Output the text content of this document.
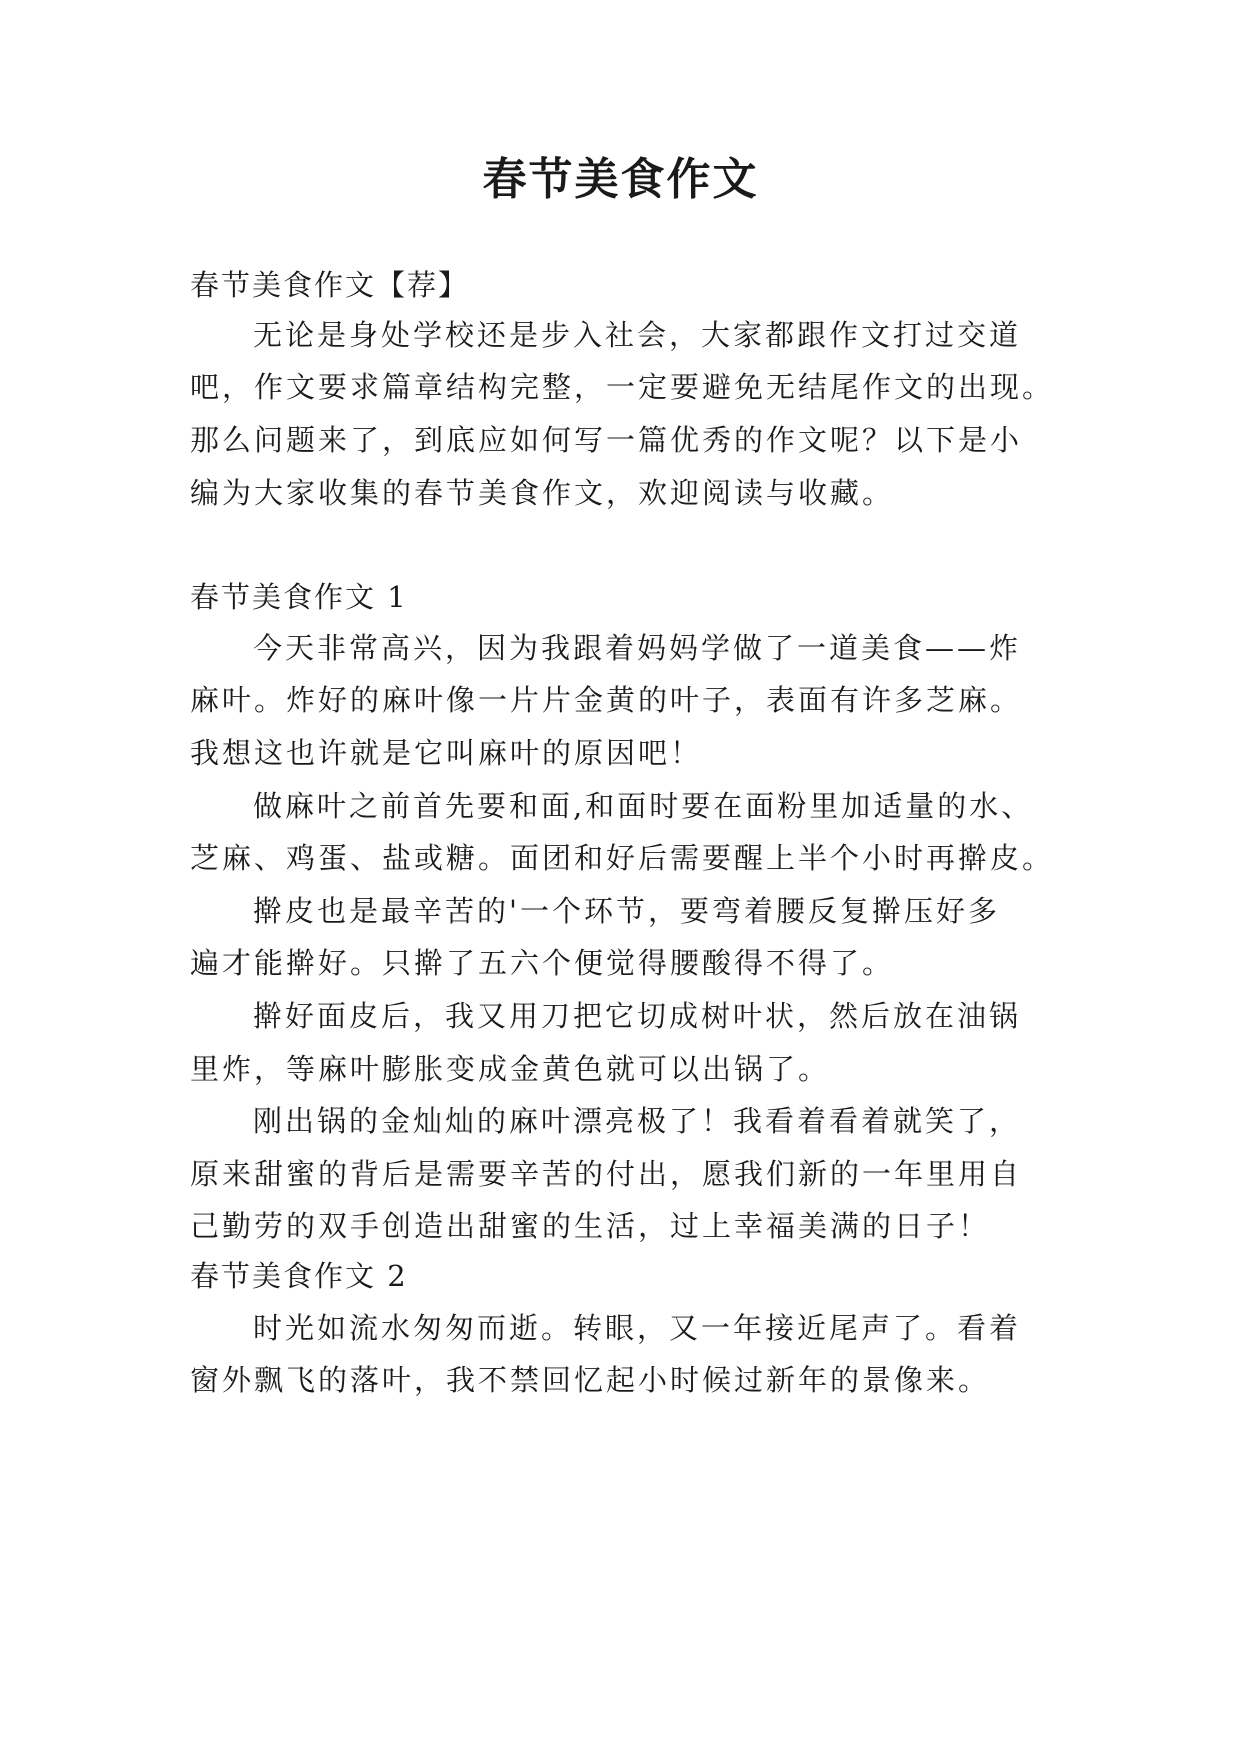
春节美食作文

春节美食作文【荐】

无论是身处学校还是步入社会，大家都跟作文打过交道

吧，作文要求篇章结构完整，一定要避免无结尾作文的出现。

那么问题来了，到底应如何写一篇优秀的作文呢？以下是小

编为大家收集的春节美食作文，欢迎阅读与收藏。

春节美食作文 1

今天非常高兴，因为我跟着妈妈学做了一道美食——炸

麻叶。炸好的麻叶像一片片金黄的叶子，表面有许多芝麻。

我想这也许就是它叫麻叶的原因吧！

做麻叶之前首先要和面,和面时要在面粉里加适量的水、

芝麻、鸡蛋、盐或糖。面团和好后需要醒上半个小时再擀皮。

擀皮也是最辛苦的'一个环节，要弯着腰反复擀压好多

遍才能擀好。只擀了五六个便觉得腰酸得不得了。

擀好面皮后，我又用刀把它切成树叶状，然后放在油锅

里炸，等麻叶膨胀变成金黄色就可以出锅了。

刚出锅的金灿灿的麻叶漂亮极了！我看着看着就笑了，

原来甜蜜的背后是需要辛苦的付出，愿我们新的一年里用自

己勤劳的双手创造出甜蜜的生活，过上幸福美满的日子！

春节美食作文 2

时光如流水匆匆而逝。转眼，又一年接近尾声了。看着

窗外飘飞的落叶，我不禁回忆起小时候过新年的景像来。
